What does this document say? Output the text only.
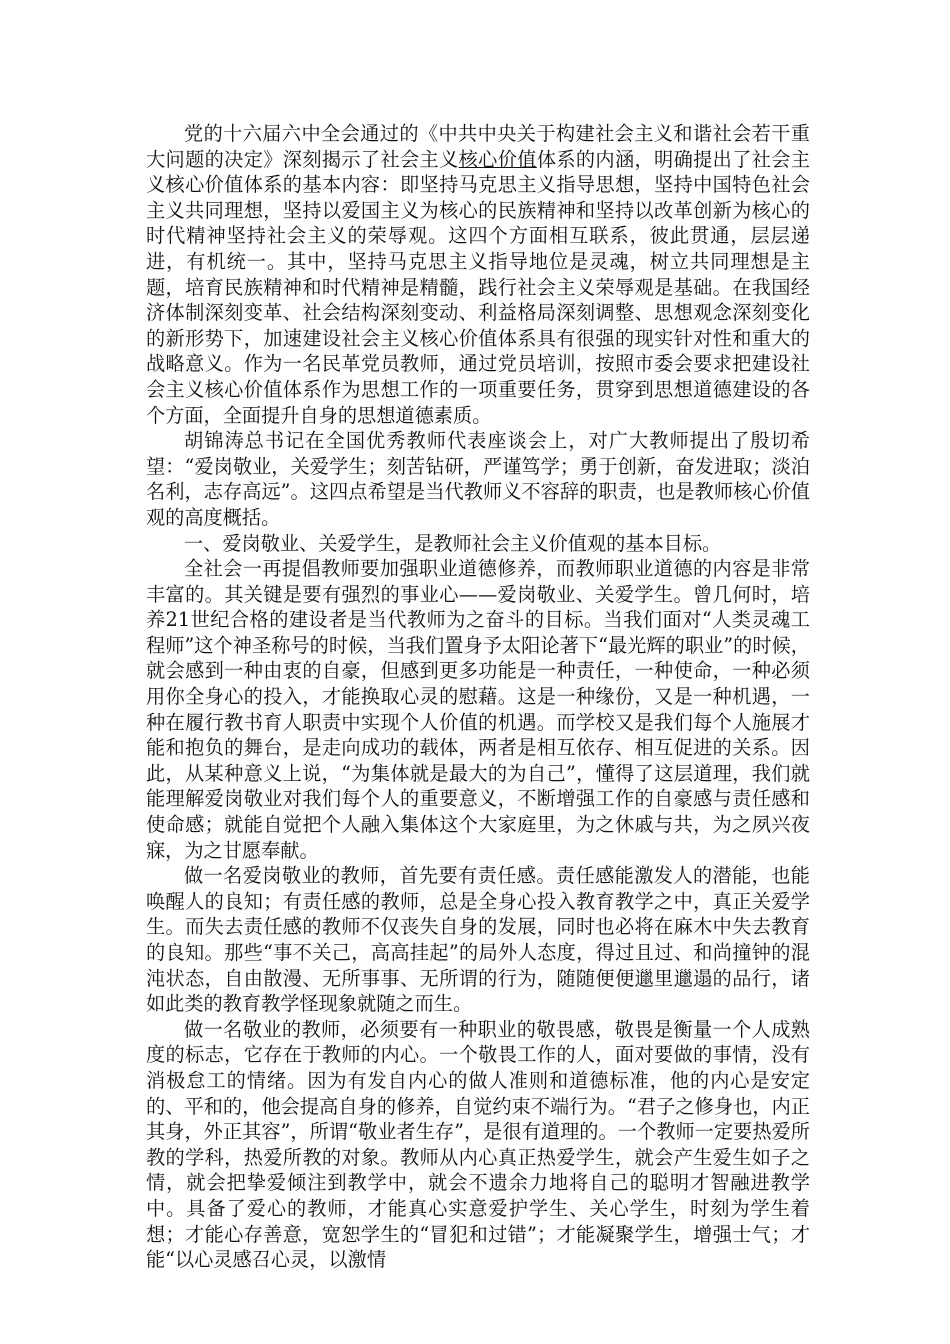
党的十六届六中全会通过的《中共中央关于构建社会主义和谐社会若干重大问题的决定》深刻揭示了社会主义核心价值体系的内涵，明确提出了社会主义核心价值体系的基本内容：即坚持马克思主义指导思想，坚持中国特色社会主义共同理想，坚持以爱国主义为核心的民族精神和坚持以改革创新为核心的时代精神坚持社会主义的荣辱观。这四个方面相互联系，彼此贯通，层层递进，有机统一。其中，坚持马克思主义指导地位是灵魂，树立共同理想是主题，培育民族精神和时代精神是精髓，践行社会主义荣辱观是基础。在我国经济体制深刻变革、社会结构深刻变动、利益格局深刻调整、思想观念深刻变化的新形势下，加速建设社会主义核心价值体系具有很强的现实针对性和重大的战略意义。作为一名民革党员教师，通过党员培训，按照市委会要求把建设社会主义核心价值体系作为思想工作的一项重要任务，贯穿到思想道德建设的各个方面，全面提升自身的思想道德素质。

胡锦涛总书记在全国优秀教师代表座谈会上，对广大教师提出了殷切希望：“爱岗敬业，关爱学生；刻苦钻研，严谨笃学；勇于创新，奋发进取；淡泊名利，志存高远”。这四点希望是当代教师义不容辞的职责，也是教师核心价值观的高度概括。

一、爱岗敬业、关爱学生，是教师社会主义价值观的基本目标。

全社会一再提倡教师要加强职业道德修养，而教师职业道德的内容是非常丰富的。其关键是要有强烈的事业心——爱岗敬业、关爱学生。曾几何时，培养21世纪合格的建设者是当代教师为之奋斗的目标。当我们面对“人类灵魂工程师”这个神圣称号的时候，当我们置身予太阳论著下“最光辉的职业”的时候，就会感到一种由衷的自豪，但感到更多功能是一种责任，一种使命，一种必须用你全身心的投入，才能换取心灵的慰藉。这是一种缘份，又是一种机遇，一种在履行教书育人职责中实现个人价值的机遇。而学校又是我们每个人施展才能和抱负的舞台，是走向成功的载体，两者是相互依存、相互促进的关系。因此，从某种意义上说，“为集体就是最大的为自己”，懂得了这层道理，我们就能理解爱岗敬业对我们每个人的重要意义，不断增强工作的自豪感与责任感和使命感；就能自觉把个人融入集体这个大家庭里，为之休戚与共，为之夙兴夜寐，为之甘愿奉献。

做一名爱岗敬业的教师，首先要有责任感。责任感能激发人的潜能，也能唤醒人的良知；有责任感的教师，总是全身心投入教育教学之中，真正关爱学生。而失去责任感的教师不仅丧失自身的发展，同时也必将在麻木中失去教育的良知。那些“事不关己，高高挂起”的局外人态度，得过且过、和尚撞钟的混沌状态，自由散漫、无所事事、无所谓的行为，随随便便邋里邋遢的品行，诸如此类的教育教学怪现象就随之而生。

做一名敬业的教师，必须要有一种职业的敬畏感，敬畏是衡量一个人成熟度的标志，它存在于教师的内心。一个敬畏工作的人，面对要做的事情，没有消极怠工的情绪。因为有发自内心的做人准则和道德标准，他的内心是安定的、平和的，他会提高自身的修养，自觉约束不端行为。“君子之修身也，内正其身，外正其容”，所谓“敬业者生存”，是很有道理的。一个教师一定要热爱所教的学科，热爱所教的对象。教师从内心真正热爱学生，就会产生爱生如子之情，就会把挚爱倾注到教学中，就会不遗余力地将自己的聪明才智融进教学中。具备了爱心的教师，才能真心实意爱护学生、关心学生，时刻为学生着想；才能心存善意，宽恕学生的“冒犯和过错”；才能凝聚学生，增强士气；才能“以心灵感召心灵，以激情
